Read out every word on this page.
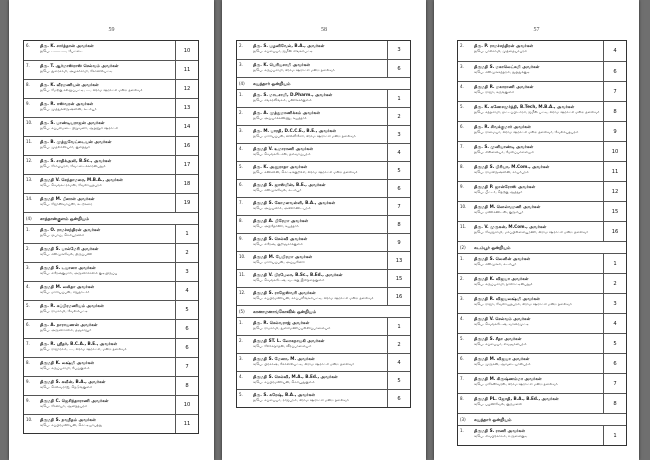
59
6.	திரு. K. சார்த்தான் அவர்கள்
த/பெ. ............., பேட்டை	10
7.	திரு. T. ஆர்மாஸ்ராஸ் செல்வம் அவர்கள்
த/பெ. துரைசாமி, அழகர்சாமி, கோவில்பட்டி	11
8.	திரு. K. வீரமணியன் அவர்கள்
த/பெ. மேற்கு கல்லுப்பட்டி, ...., கிராம ஊராட்சி மன்ற தலைவர்	12
9.	திரு. R. ஈஸ்வரன் அவர்கள்
த/பெ. முத்துக்கிருஷ்ணன், கடம்பூர்	13
10.	திரு. S. பாண்டியராஜன் அவர்கள்
த/பெ. கப்பலமடை நிறுவனர், ஆதனூர் ஊராட்சி	14
11.	திரு. B. முத்துவேட்டையன் அவர்கள்
த/பெ. முதலாளியார், குளத்தூர்	16
12.	திரு. S. சாதிக்அலி, B.Sc., அவர்கள்
த/பெ. சோழபுரம், வேட்டைக்காரன்புதூர்	17
13.	திருமதி V. செந்தாமரை, M.B.A., அவர்கள்
க/பெ. வெங்கட்ராமன், வேலாயுதபுரம்	18
14.	திருமதி M. பீனாள் அவர்கள்
க/பெ. ஜோஸ்வாய்ஸ், கடற்கரை	19
(4)	சாத்தான்குளம் ஒன்றியம்
1.	திரு. O. ராமச்சந்திரன் அவர்கள்
த/பெ. ஓபாய், செம்பூரணம்	1
2.	திருமதி S. பால்மேரி அவர்கள்
க/பெ. சண்முகவேல், திருப்பணி	2
3.	திருமதி S. டயானா அவர்கள்
க/பெ. சுரேஷ்குமார், அருணாச்சலம் குடியிருப்பு	3
4.	திருமதி M. லலிதா அவர்கள்
க/பெ. மாரியப்பன், சிறுநாடார்	4
5.	திரு. R. சுப்பிரமணியம் அவர்கள்
த/பெ. ராமசாமி, வேலம்பட்டி	5
6.	திரு. A. நாராயணன் அவர்கள்
த/பெ. அருணாசலம், தஞ்சாவூர்	6
7.	திரு. R. ஸ்ரீதர், B.C.A., B.E., அவர்கள்
த/பெ. ராஜாராம், ...., கிராம ஊராட்சி, மன்ற தலைவர்	6
8.	திருமதி K. லக்ஷ்மி அவர்கள்
க/பெ. கருப்பசாமி, பேய்குளம்	7
9.	திருமதி S. சுவீன், B.A., அவர்கள்
க/பெ. செல்வராஜ், நெடுங்குளம்	8
9.	திருமதி C. ஜெசிந்தாராணி அவர்கள்
க/பெ. சேவியர், ஆனந்தபுரம்	10
10.	திருமதி S. நவநீதம் அவர்கள்
க/பெ. சுப்பிரமணியன், செட்டியாபத்து	11
58
2.	திரு. S. பழனிவேல், B.A., அவர்கள்
த/பெ. சுப்பையா, ஜமீன் சிங்கம்பட்டி	3
3.	திரு. K. பெரியசாமி அவர்கள்
த/பெ. கருப்பசாமி, கிராம ஊராட்சி மன்ற தலைவர்	6
(4)	கயத்தார் ஒன்றியம்
1.	திரு. S. மாடசாமி, D.Pharm., அவர்கள்
த/பெ. சங்கரலிங்கம், பணிக்கர்குளம்	1
2.	திரு. A. முத்துமாணிக்கம் அவர்கள்
த/பெ. அய்யாக்கண்ணு, கயத்தார்	2
3.	திரு. M. பாரதி, D.C.C.E., B.E., அவர்கள்
த/பெ. மாரியப்பன், வில்லிசேரி, கிராம ஊராட்சி மன்ற தலைவர்	3
4.	திருமதி V. உமாராணி அவர்கள்
க/பெ. வெங்கடேசன், தளவாய்புரம்	4
5.	திரு. K. அனுராதா அவர்கள்
த/பெ. கண்ணன், செட்டிக்குறிச்சி, கிராம ஊராட்சி மன்ற தலைவர்	5
6.	திருமதி S. ஜாஸ்மின், B.E., அவர்கள்
க/பெ. சண்முகவேல், கடம்பூர்	6
7.	திருமதி S. கோமளவள்ளி, B.A., அவர்கள்
க/பெ. அய்யனார், அகிலாண்டபுரம்	7
8.	திருமதி A. பிரேமா அவர்கள்
க/பெ. அந்தோணி, கயத்தார்	8
9.	திருமதி S. செல்வி அவர்கள்
க/பெ. சுரேஷ், குறிஞ்சாக்குளம்	9
10.	திருமதி M. பேபிரமா அவர்கள்
க/பெ. மாரியப்பன், அய்யனேரி	13
11.	திருமதி V. பிரபேலா, B.Sc., B.Ed., அவர்கள்
க/பெ. வெங்கடேஷ், வடக்கு இலந்தைகுளம்	15
12.	திருமதி S. ராஜேஸ்வரி அவர்கள்
க/பெ. சுப்பிரமணியன், காப்புலிங்கம்பட்டி, கிராம ஊராட்சி மன்ற தலைவர்	16
(5)	கானாமனாங்கோவில் ஒன்றியம்
1.	திரு. R. செல்வராஜ் அவர்கள்
த/பெ. ராமசாமி, துளசிமணிப்பள்ளிப்பாளையம்	1
2.	திருமதி ST. L. லோகநாயகி அவர்கள்
க/பெ. லோகநாதன், வீரப்பாளையம்	2
3.	திருமதி S. மேனா, M. அவர்கள்
க/பெ. பிரகாஷ், கோவில்பட்டி, கிராம ஊராட்சி மன்ற தலைவர்	4
4.	திருமதி S. செல்வி, M.A., B.Ed., அவர்கள்
க/பெ. சுப்பிரமணியன், செம்பூதுகுளம்	5
5.	திரு. S. சுரேஷ், B.A., அவர்கள்
த/பெ. சுப்பையா, ராஜபுரம், கிராம ஊராட்சி மன்ற தலைவர்	6
57
2.	திரு. P. ராமச்சந்திரன் அவர்கள்
த/பெ. பால்சாமி, முத்தையாபுரம்	4
3.	திருமதி S. மகாலெட்சுமி அவர்கள்
க/பெ. சண்முகசுந்தரம், தூத்துக்குடி	6
4.	திருமதி R. மகாராணி அவர்கள்
க/பெ. ராஜா, கருங்குளம்	7
5.	திரு. K. கணேசமூர்த்தி, B.Tech, M.B.A., அவர்கள்
த/பெ. கந்தசாமி, ஓட்டப்பிடாரம், ஜமீன் பட்டி, கிராம ஊராட்சி மன்ற தலைவர்	8
6.	திரு. R. சிவக்குமார் அவர்கள்
த/பெ. ராமையா, கிராம ஊராட்சி மன்ற தலைவர், வேலாயுதபுரம்	9
7.	திரு. S. முனியாண்டி அவர்கள்
த/பெ. சின்னையா, மேலப்பாளையம்	10
8.	திருமதி S. பிரியா, M.Com., அவர்கள்
க/பெ. ராமகிருஷ்ணன், சாயர்புரம்	11
9.	திருமதி P. ஜான்ரோஸ் அவர்கள்
க/பெ. பீட்டர், தெற்கு ஆத்தூர்	12
10.	திருமதி M. ஸெல்வமணி அவர்கள்
க/பெ. மணிகண்டன், குரும்பூர்	15
11.	திரு. V. முருகன், M.Com., அவர்கள்
த/பெ. வேலுசாமி, மாப்பிள்ளையூரணி, கிராம ஊராட்சி மன்ற தலைவர்	16
(2)	கடம்பூர் ஒன்றியம்
1.	திருமதி S. லெனின் அவர்கள்
க/பெ. சண்முகம், கடம்பூர்	1
2.	திருமதி K. விஜயா அவர்கள்
க/பெ. கருப்பசாமி, நாலாட்டின்புதூர்	2
3.	திருமதி R. விஜயலக்ஷ்மி அவர்கள்
க/பெ. ராஜா, வேலாயுதபுரம், கிராம ஊராட்சி மன்ற தலைவர்	3
4.	திருமதி V. செல்வம் அவர்கள்
க/பெ. வெங்கடேஷ், வானரமுட்டி	4
5.	திருமதி S. சீதா அவர்கள்
க/பெ. சுப்பையா, சிவஞானபுரம்	5
6.	திருமதி M. விஜயா அவர்கள்
க/பெ. முருகன், ஆவுடையாள்புரம்	6
7.	திருமதி M. கிருஷ்ணம்மா அவர்கள்
க/பெ. மகேஸ்வரன், கிராம ஊராட்சி மன்ற தலைவர்	7
8.	திருமதி PL. ஜோதி, B.A., B.Ed., அவர்கள்
க/பெ. பழனிவேல், குருமலை	8
(3)	கயத்தார் ஒன்றியம்
1.	திருமதி S. ராணி அவர்கள்
க/பெ. சிவபிரகாசம், உருளைகுடி	1
